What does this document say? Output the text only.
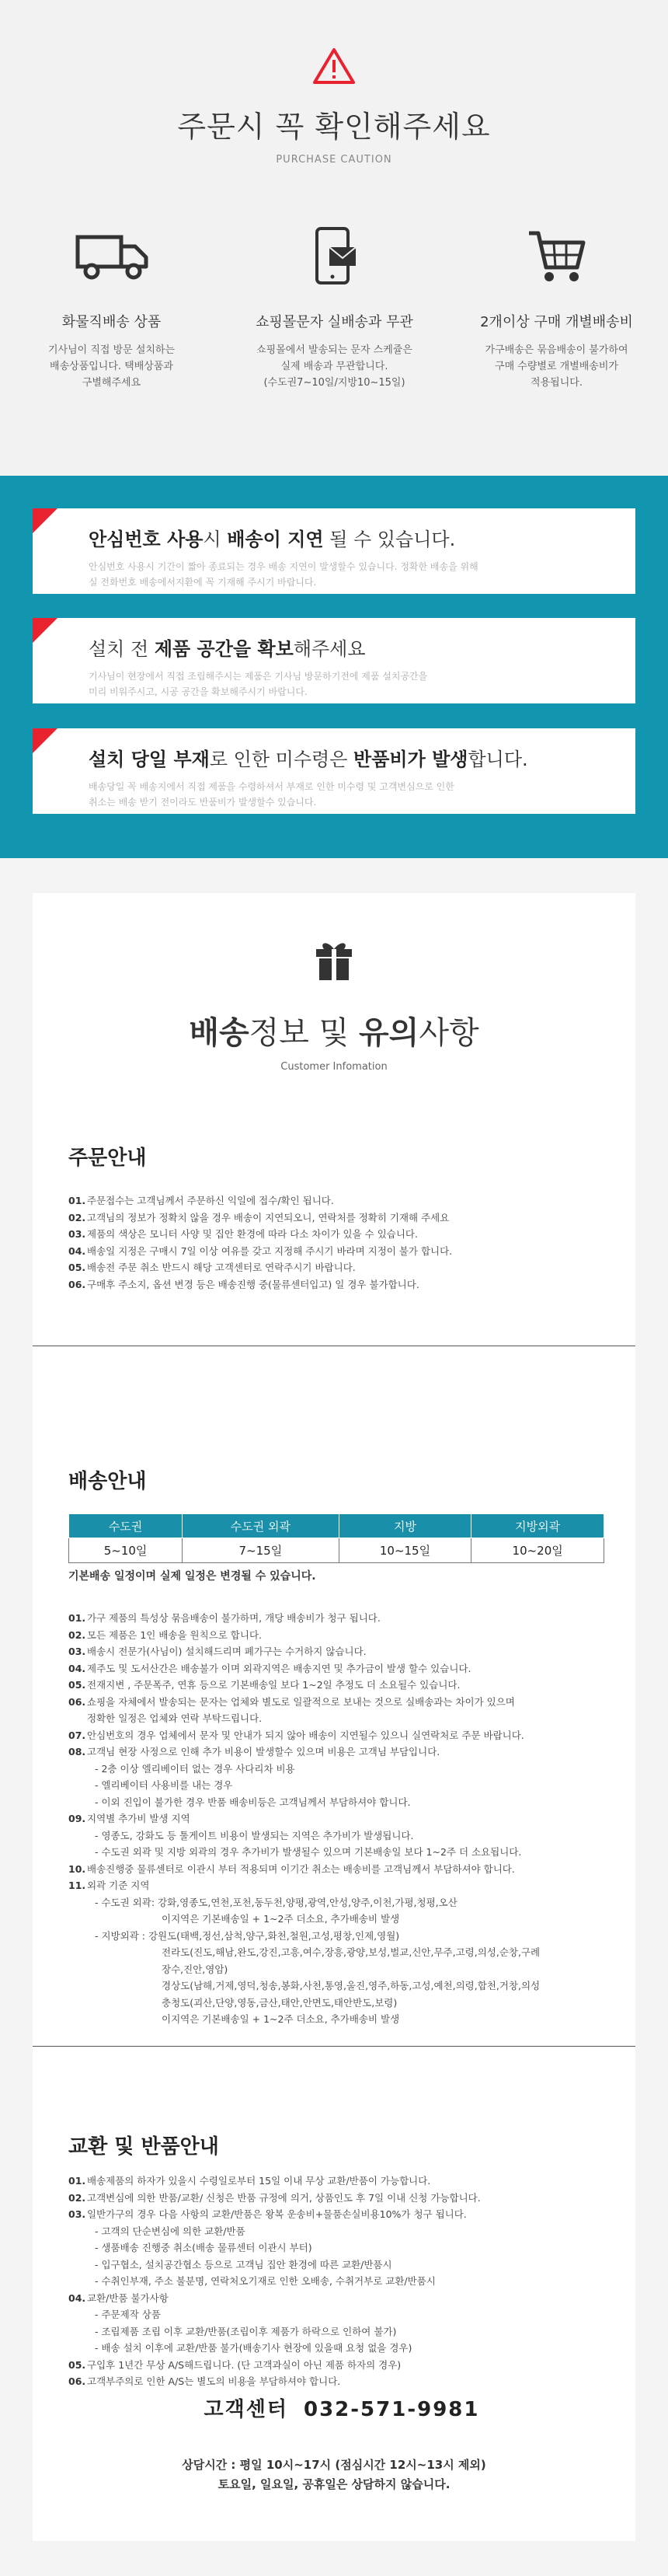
주문시 꼭 확인해주세요
PURCHASE CAUTION
화물직배송 상품
기사님이 직접 방문 설치하는
배송상품입니다. 택배상품과
구별해주세요
쇼핑몰문자 실배송과 무관
쇼핑몰에서 발송되는 문자 스케쥴은
실제 배송과 무관합니다.
(수도권7~10일/지방10~15일)
2개이상 구매 개별배송비
가구배송은 묶음배송이 불가하여
구매 수량별로 개별배송비가
적용됩니다.
안심번호 사용시 배송이 지연 될 수 있습니다.
안심번호 사용시 기간이 짧아 종료되는 경우 배송 지연이 발생할수 있습니다. 정확한 배송을 위해
실 전화번호 배송에서지환에 꼭 기재해 주시기 바랍니다.
설치 전 제품 공간을 확보해주세요
기사님이 현장에서 직접 조립해주시는 제품은 기사님 방문하기전에 제품 설치공간을
미리 비워주시고, 시공 공간을 확보해주시기 바랍니다.
설치 당일 부재로 인한 미수령은 반품비가 발생합니다.
배송당일 꼭 배송지에서 직접 제품을 수령하셔서 부재로 인한 미수령 및 고객변심으로 인한
취소는 배송 받기 전이라도 반품비가 발생할수 있습니다.
배송정보 및 유의사항
Customer Infomation
주문안내
01. 주문접수는 고객님께서 주문하신 익일에 접수/확인 됩니다.
02. 고객님의 정보가 정확치 않을 경우 배송이 지연되오니, 연락처를 정확히 기재해 주세요
03. 제품의 색상은 모니터 사양 및 집안 환경에 따라 다소 차이가 있을 수 있습니다.
04. 배송일 지정은 구매시 7일 이상 여유를 갖고 지정해 주시기 바라며 지정이 불가 합니다.
05. 배송전 주문 취소 반드시 해당 고객센터로 연락주시기 바랍니다.
06. 구매후 주소지, 옵션 변경 등은 배송진행 중(물류센터입고) 일 경우 불가합니다.
배송안내
수도권	수도권 외곽	지방	지방외곽
5~10일	7~15일	10~15일	10~20일
기본배송 일정이며 실제 일정은 변경될 수 있습니다.
01. 가구 제품의 특성상 묶음배송이 불가하며, 개당 배송비가 청구 됩니다.
02. 모든 제품은 1인 배송을 원칙으로 합니다.
03. 배송시 전문가(사님이) 설치해드리며 폐가구는 수거하지 않습니다.
04. 제주도 및 도서산간은 배송불가 이며 외곽지역은 배송지연 및 추가금이 발생 할수 있습니다.
05. 전재지변 , 주문폭주, 연휴 등으로 기본배송일 보다 1~2일 추정도 더 소요될수 있습니다.
06. 쇼핑을 자체에서 발송되는 문자는 업체와 별도로 일괄적으로 보내는 것으로 실배송과는 차이가 있으며
정확한 일정은 업체와 연락 부탁드립니다.
07. 안심번호의 경우 업체에서 문자 및 안내가 되지 않아 배송이 지연될수 있으니 실연락처로 주문 바랍니다.
08. 고객님 현장 사정으로 인해 추가 비용이 발생할수 있으며 비용은 고객님 부담입니다.
- 2층 이상 엘리베이터 없는 경우 사다리차 비용
- 엘리베이터 사용비를 내는 경우
- 이외 진입이 불가한 경우 반품 배송비등은 고객님께서 부담하셔야 합니다.
09. 지역별 추가비 발생 지역
- 영종도, 강화도 등 툴게이트 비용이 발생되는 지역은 추가비가 발생됩니다.
- 수도권 외곽 및 지방 외곽의 경우 추가비가 발생될수 있으며 기본배송일 보다 1~2주 더 소요됩니다.
10. 배송진행중 물류센터로 이관시 부터 적용되며 이기간 취소는 배송비를 고객님께서 부담하셔야 합니다.
11. 외곽 기준 지역
- 수도권 외곽: 강화,영종도,연천,포천,동두천,양평,광역,안성,양주,이천,가평,청평,오산
이지역은 기본배송일 + 1~2주 더소요, 추가배송비 발생
- 지방외곽 : 강원도(태백,정선,삼척,양구,화천,철원,고성,평창,인제,영월)
전라도(진도,해남,완도,강진,고흥,여수,장흥,광양,보성,벌교,신안,무주,고령,의성,순창,구례
장수,진안,영암)
경상도(남해,거제,영덕,청송,봉화,사천,통영,울진,영주,하동,고성,예천,의령,합천,거창,의성
충청도(괴산,단양,영동,금산,태안,안면도,태안반도,보령)
이지역은 기본배송일 + 1~2주 더소요, 추가배송비 발생
교환 및 반품안내
01. 배송제품의 하자가 있을시 수령일로부터 15일 이내 무상 교환/반품이 가능합니다.
02. 고객변심에 의한 반품/교환/ 신청은 반품 규정에 의거, 상품인도 후 7일 이내 신청 가능합니다.
03. 일반가구의 경우 다음 사항의 교환/반품은 왕복 운송비+물품손실비용10%가 청구 됩니다.
- 고객의 단순변심에 의한 교환/반품
- 생품배송 진행중 취소(배송 물류센터 이관시 부터)
- 입구협소, 설치공간협소 등으로 고객님 집안 환경에 따른 교환/반품시
- 수취인부재, 주소 불분명, 연락처오기재로 인한 오배송, 수취거부로 교환/반품시
04. 교환/반품 불가사항
- 주문제작 상품
- 조립제품 조립 이후 교환/반품(조립이후 제품가 하락으로 인하여 불가)
- 배송 설치 이후에 교환/반품 불가(배송기사 현장에 있을때 요청 없을 경우)
05. 구입후 1년간 무상 A/S해드립니다. (단 고객과실이 아닌 제품 하자의 경우)
06. 고객부주의로 인한 A/S는 별도의 비용을 부담하셔야 합니다.
고객센터 032-571-9981
상담시간 : 평일 10시~17시 (점심시간 12시~13시 제외)
토요일, 일요일, 공휴일은 상담하지 않습니다.
